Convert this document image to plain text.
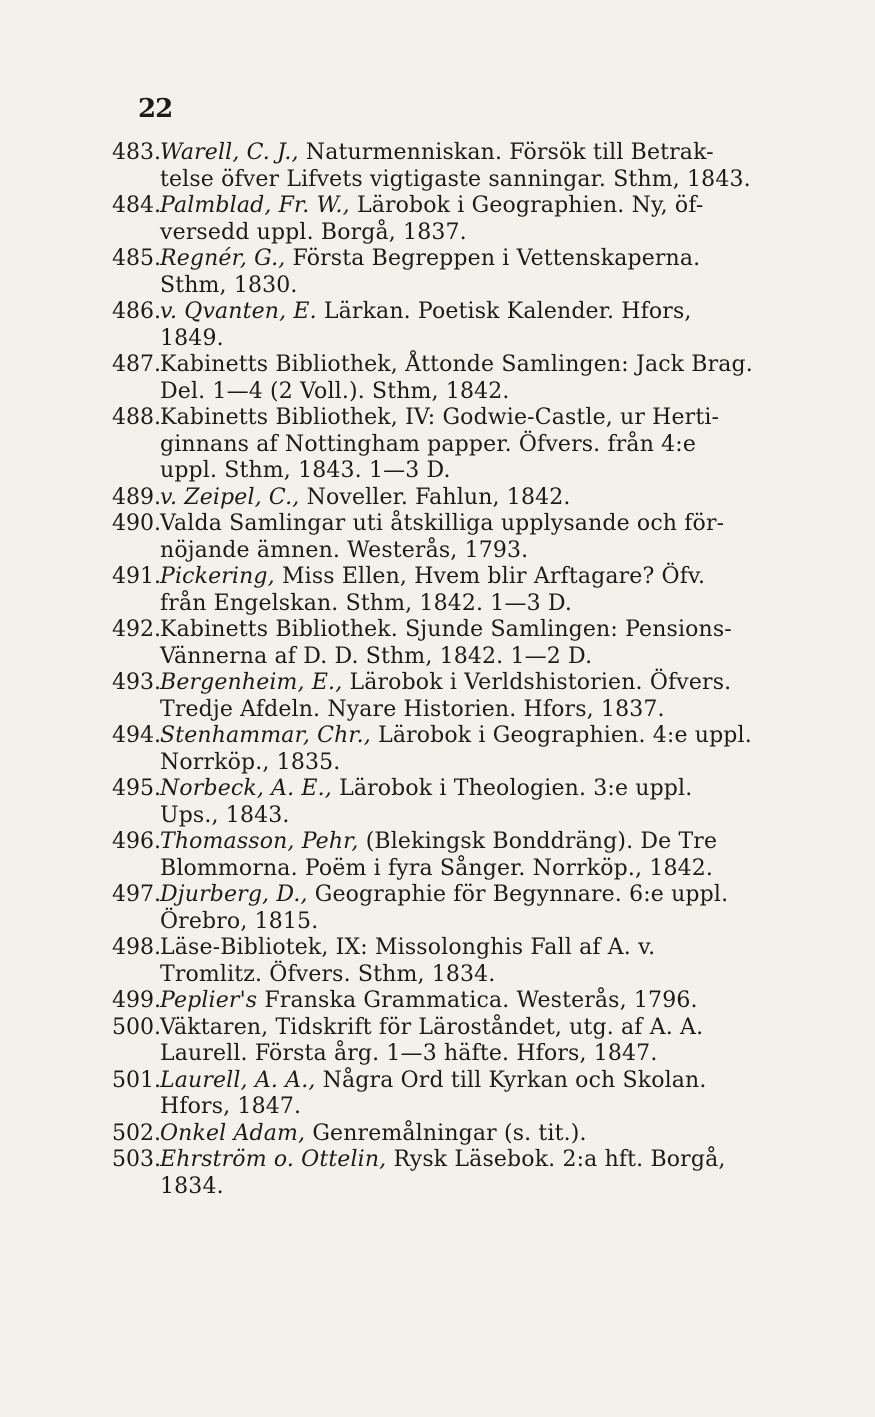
22
483. Warell, C. J., Naturmenniskan. Försök till Betrak-
telse öfver Lifvets vigtigaste sanningar. Sthm, 1843.
484. Palmblad, Fr. W., Lärobok i Geographien. Ny, öf-
versedd uppl. Borgå, 1837.
485. Regnér, G., Första Begreppen i Vettenskaperna.
Sthm, 1830.
486. v. Qvanten, E. Lärkan. Poetisk Kalender. Hfors,
1849.
487. Kabinetts Bibliothek, Åttonde Samlingen: Jack Brag.
Del. 1—4 (2 Voll.). Sthm, 1842.
488. Kabinetts Bibliothek, IV: Godwie-Castle, ur Herti-
ginnans af Nottingham papper. Öfvers. från 4:e
uppl. Sthm, 1843. 1—3 D.
489. v. Zeipel, C., Noveller. Fahlun, 1842.
490. Valda Samlingar uti åtskilliga upplysande och för-
nöjande ämnen. Westerås, 1793.
491. Pickering, Miss Ellen, Hvem blir Arftagare? Öfv.
från Engelskan. Sthm, 1842. 1—3 D.
492. Kabinetts Bibliothek. Sjunde Samlingen: Pensions-
Vännerna af D. D. Sthm, 1842. 1—2 D.
493. Bergenheim, E., Lärobok i Verldshistorien. Öfvers.
Tredje Afdeln. Nyare Historien. Hfors, 1837.
494. Stenhammar, Chr., Lärobok i Geographien. 4:e uppl.
Norrköp., 1835.
495. Norbeck, A. E., Lärobok i Theologien. 3:e uppl.
Ups., 1843.
496. Thomasson, Pehr, (Blekingsk Bonddräng). De Tre
Blommorna. Poëm i fyra Sånger. Norrköp., 1842.
497. Djurberg, D., Geographie för Begynnare. 6:e uppl.
Örebro, 1815.
498. Läse-Bibliotek, IX: Missolonghis Fall af A. v.
Tromlitz. Öfvers. Sthm, 1834.
499. Peplier's Franska Grammatica. Westerås, 1796.
500. Väktaren, Tidskrift för Läroståndet, utg. af A. A.
Laurell. Första årg. 1—3 häfte. Hfors, 1847.
501. Laurell, A. A., Några Ord till Kyrkan och Skolan.
Hfors, 1847.
502. Onkel Adam, Genremålningar (s. tit.).
503. Ehrström o. Ottelin, Rysk Läsebok. 2:a hft. Borgå,
1834.
